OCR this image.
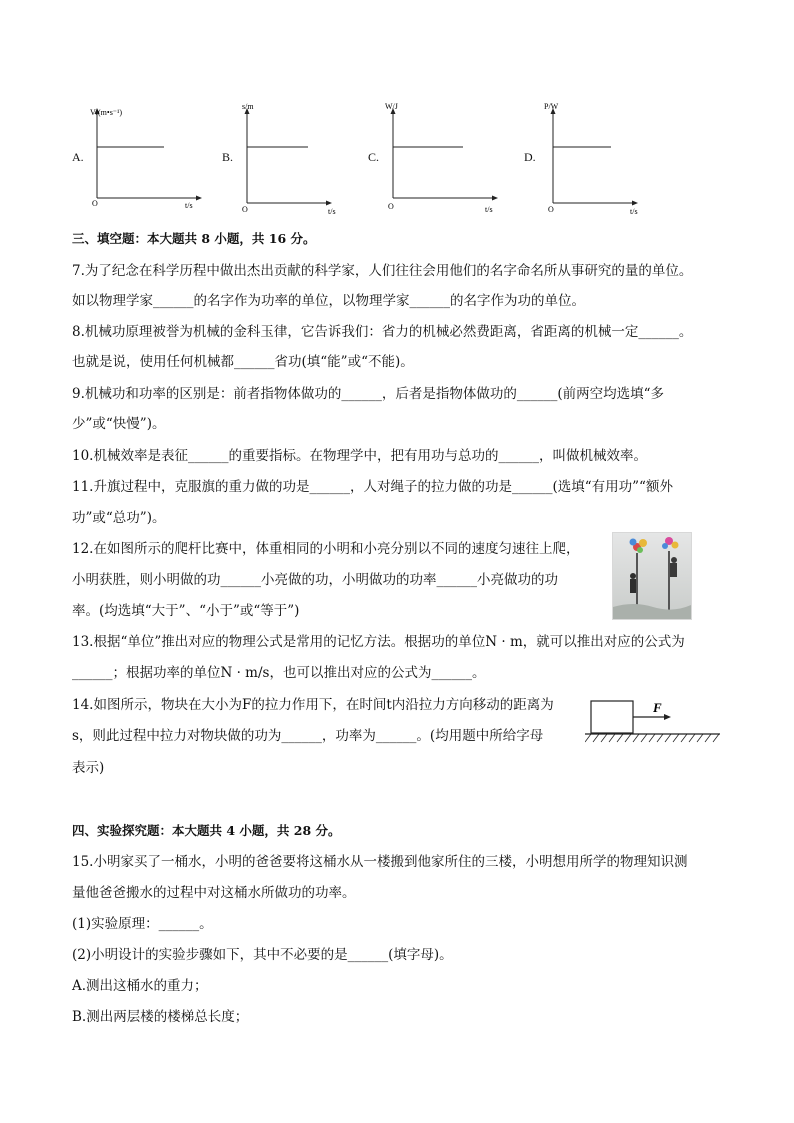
A.
V/(m•s⁻¹)
t/s
O
B.
s/m
t/s
O
C.
W/J
t/s
O
D.
P/W
t/s
O
三、填空题：本大题共 8 小题，共 16 分。
7.为了纪念在科学历程中做出杰出贡献的科学家，人们往往会用他们的名字命名所从事研究的量的单位。
如以物理学家______的名字作为功率的单位，以物理学家______的名字作为功的单位。
8.机械功原理被誉为机械的金科玉律，它告诉我们：省力的机械必然费距离，省距离的机械一定______。
也就是说，使用任何机械都______省功(填“能”或“不能)。
9.机械功和功率的区别是：前者指物体做功的______，后者是指物体做功的______(前两空均选填“多
少”或“快慢”)。
10.机械效率是表征______的重要指标。在物理学中，把有用功与总功的______，叫做机械效率。
11.升旗过程中，克服旗的重力做的功是______，人对绳子的拉力做的功是______(选填“有用功”“额外
功”或“总功”)。
12.在如图所示的爬杆比赛中，体重相同的小明和小亮分别以不同的速度匀速往上爬，
小明获胜，则小明做的功______小亮做的功，小明做功的功率______小亮做功的功
率。(均选填“大于”、“小于”或“等于”)
13.根据“单位”推出对应的物理公式是常用的记忆方法。根据功的单位N · m，就可以推出对应的公式为
______；根据功率的单位N · m/s，也可以推出对应的公式为______。
14.如图所示，物块在大小为F的拉力作用下，在时间t内沿拉力方向移动的距离为
s，则此过程中拉力对物块做的功为______，功率为______。(均用题中所给字母
表示)
F
四、实验探究题：本大题共 4 小题，共 28 分。
15.小明家买了一桶水，小明的爸爸要将这桶水从一楼搬到他家所住的三楼，小明想用所学的物理知识测
量他爸爸搬水的过程中对这桶水所做功的功率。
(1)实验原理：______。
(2)小明设计的实验步骤如下，其中不必要的是______(填字母)。
A.测出这桶水的重力；
B.测出两层楼的楼梯总长度；
